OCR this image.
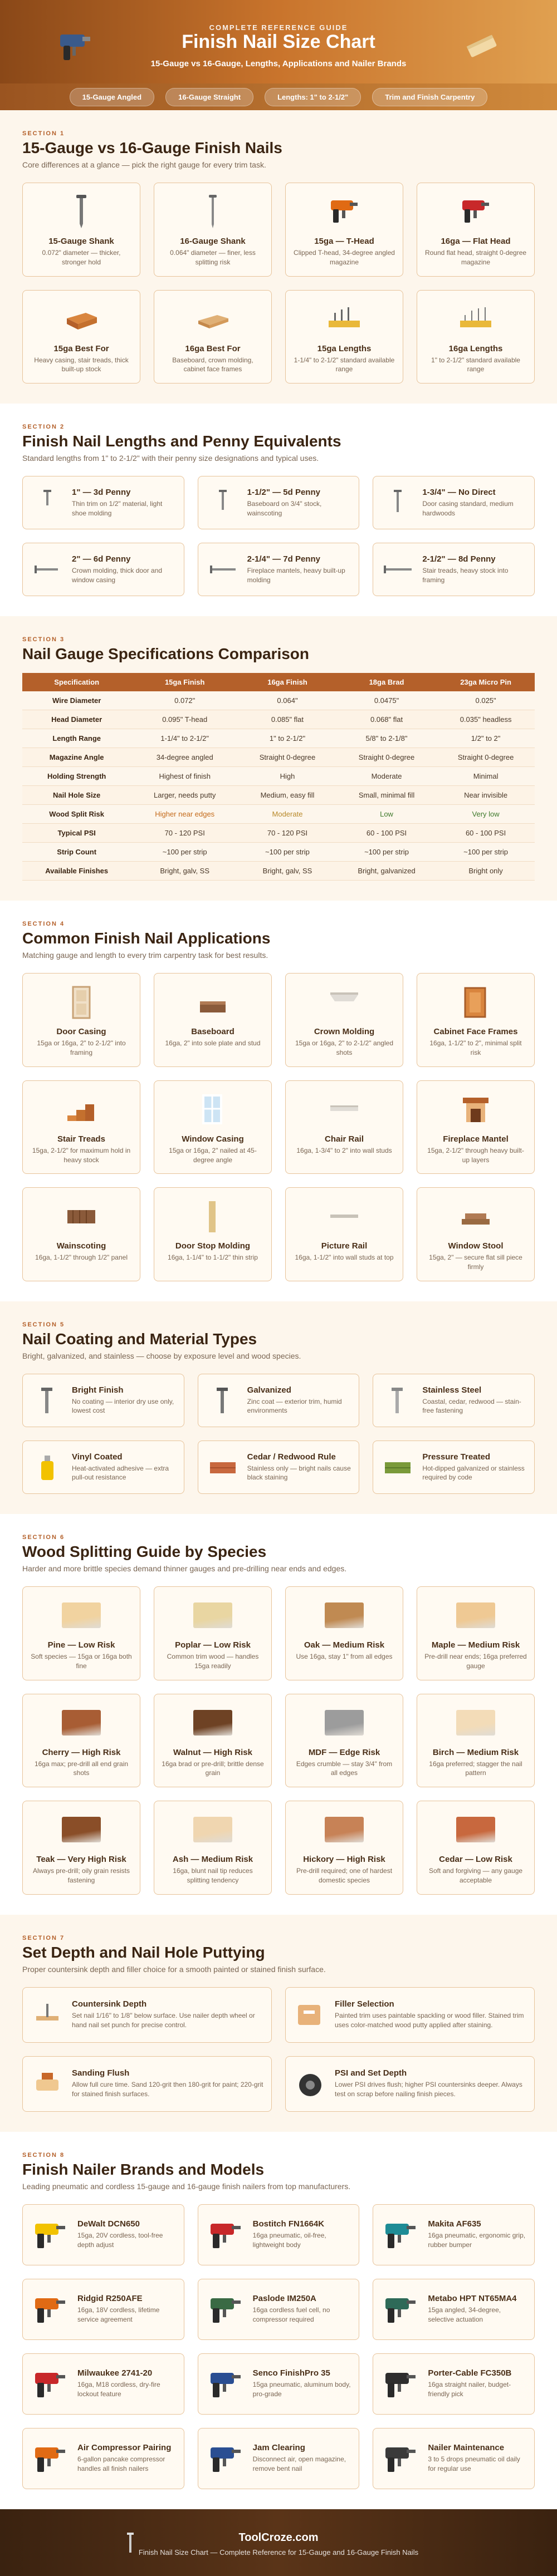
COMPLETE REFERENCE GUIDE
Finish Nail Size Chart
15-Gauge vs 16-Gauge, Lengths, Applications and Nailer Brands
15-Gauge Angled	16-Gauge Straight	Lengths: 1" to 2-1/2"	Trim and Finish Carpentry
SECTION 1
15-Gauge vs 16-Gauge Finish Nails
Core differences at a glance — pick the right gauge for every trim task.
15-Gauge Shank
0.072" diameter — thicker, stronger hold
16-Gauge Shank
0.064" diameter — finer, less splitting risk
15ga — T-Head
Clipped T-head, 34-degree angled magazine
16ga — Flat Head
Round flat head, straight 0-degree magazine
15ga Best For
Heavy casing, stair treads, thick built-up stock
16ga Best For
Baseboard, crown molding, cabinet face frames
15ga Lengths
1-1/4" to 2-1/2" standard available range
16ga Lengths
1" to 2-1/2" standard available range
SECTION 2
Finish Nail Lengths and Penny Equivalents
Standard lengths from 1" to 2-1/2" with their penny size designations and typical uses.
1" — 3d Penny
Thin trim on 1/2" material, light shoe molding
1-1/2" — 5d Penny
Baseboard on 3/4" stock, wainscoting
1-3/4" — No Direct
Door casing standard, medium hardwoods
2" — 6d Penny
Crown molding, thick door and window casing
2-1/4" — 7d Penny
Fireplace mantels, heavy built-up molding
2-1/2" — 8d Penny
Stair treads, heavy stock into framing
SECTION 3
Nail Gauge Specifications Comparison
Specification	15ga Finish	16ga Finish	18ga Brad	23ga Micro Pin
Wire Diameter	0.072"	0.064"	0.0475"	0.025"
Head Diameter	0.095" T-head	0.085" flat	0.068" flat	0.035" headless
Length Range	1-1/4" to 2-1/2"	1" to 2-1/2"	5/8" to 2-1/8"	1/2" to 2"
Magazine Angle	34-degree angled	Straight 0-degree	Straight 0-degree	Straight 0-degree
Holding Strength	Highest of finish	High	Moderate	Minimal
Nail Hole Size	Larger, needs putty	Medium, easy fill	Small, minimal fill	Near invisible
Wood Split Risk	Higher near edges	Moderate	Low	Very low
Typical PSI	70 - 120 PSI	70 - 120 PSI	60 - 100 PSI	60 - 100 PSI
Strip Count	~100 per strip	~100 per strip	~100 per strip	~100 per strip
Available Finishes	Bright, galv, SS	Bright, galv, SS	Bright, galvanized	Bright only
SECTION 4
Common Finish Nail Applications
Matching gauge and length to every trim carpentry task for best results.
Door Casing
15ga or 16ga, 2" to 2-1/2" into framing
Baseboard
16ga, 2" into sole plate and stud
Crown Molding
15ga or 16ga, 2" to 2-1/2" angled shots
Cabinet Face Frames
16ga, 1-1/2" to 2", minimal split risk
Stair Treads
15ga, 2-1/2" for maximum hold in heavy stock
Window Casing
15ga or 16ga, 2" nailed at 45-degree angle
Chair Rail
16ga, 1-3/4" to 2" into wall studs
Fireplace Mantel
15ga, 2-1/2" through heavy built-up layers
Wainscoting
16ga, 1-1/2" through 1/2" panel
Door Stop Molding
16ga, 1-1/4" to 1-1/2" thin strip
Picture Rail
16ga, 1-1/2" into wall studs at top
Window Stool
15ga, 2" — secure flat sill piece firmly
SECTION 5
Nail Coating and Material Types
Bright, galvanized, and stainless — choose by exposure level and wood species.
Bright Finish
No coating — interior dry use only, lowest cost
Galvanized
Zinc coat — exterior trim, humid environments
Stainless Steel
Coastal, cedar, redwood — stain-free fastening
Vinyl Coated
Heat-activated adhesive — extra pull-out resistance
Cedar / Redwood Rule
Stainless only — bright nails cause black staining
Pressure Treated
Hot-dipped galvanized or stainless required by code
SECTION 6
Wood Splitting Guide by Species
Harder and more brittle species demand thinner gauges and pre-drilling near ends and edges.
Pine — Low Risk
Soft species — 15ga or 16ga both fine
Poplar — Low Risk
Common trim wood — handles 15ga readily
Oak — Medium Risk
Use 16ga, stay 1" from all edges
Maple — Medium Risk
Pre-drill near ends; 16ga preferred gauge
Cherry — High Risk
16ga max; pre-drill all end grain shots
Walnut — High Risk
16ga brad or pre-drill; brittle dense grain
MDF — Edge Risk
Edges crumble — stay 3/4" from all edges
Birch — Medium Risk
16ga preferred; stagger the nail pattern
Teak — Very High Risk
Always pre-drill; oily grain resists fastening
Ash — Medium Risk
16ga, blunt nail tip reduces splitting tendency
Hickory — High Risk
Pre-drill required; one of hardest domestic species
Cedar — Low Risk
Soft and forgiving — any gauge acceptable
SECTION 7
Set Depth and Nail Hole Puttying
Proper countersink depth and filler choice for a smooth painted or stained finish surface.
Countersink Depth
Set nail 1/16" to 1/8" below surface. Use nailer depth wheel or hand nail set punch for precise control.
Filler Selection
Painted trim uses paintable spackling or wood filler. Stained trim uses color-matched wood putty applied after staining.
Sanding Flush
Allow full cure time. Sand 120-grit then 180-grit for paint; 220-grit for stained finish surfaces.
PSI and Set Depth
Lower PSI drives flush; higher PSI countersinks deeper. Always test on scrap before nailing finish pieces.
SECTION 8
Finish Nailer Brands and Models
Leading pneumatic and cordless 15-gauge and 16-gauge finish nailers from top manufacturers.
DeWalt DCN650
15ga, 20V cordless, tool-free depth adjust
Bostitch FN1664K
16ga pneumatic, oil-free, lightweight body
Makita AF635
16ga pneumatic, ergonomic grip, rubber bumper
Ridgid R250AFE
16ga, 18V cordless, lifetime service agreement
Paslode IM250A
16ga cordless fuel cell, no compressor required
Metabo HPT NT65MA4
15ga angled, 34-degree, selective actuation
Milwaukee 2741-20
16ga, M18 cordless, dry-fire lockout feature
Senco FinishPro 35
15ga pneumatic, aluminum body, pro-grade
Porter-Cable FC350B
16ga straight nailer, budget-friendly pick
Air Compressor Pairing
6-gallon pancake compressor handles all finish nailers
Jam Clearing
Disconnect air, open magazine, remove bent nail
Nailer Maintenance
3 to 5 drops pneumatic oil daily for regular use
ToolCroze.com
Finish Nail Size Chart — Complete Reference for 15-Gauge and 16-Gauge Finish Nails
